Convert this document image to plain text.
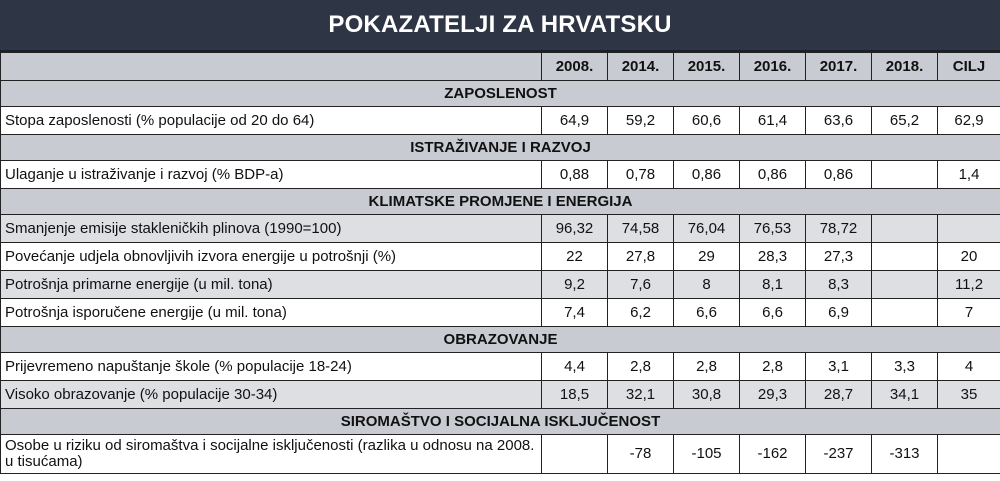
POKAZATELJI ZA HRVATSKU
	2008.	2014.	2015.	2016.	2017.	2018.	CILJ
ZAPOSLENOST							
Stopa zaposlenosti (% populacije od 20 do 64)	64,9	59,2	60,6	61,4	63,6	65,2	62,9
ISTRAŽIVANJE I RAZVOJ							
Ulaganje u istraživanje i razvoj (% BDP-a)	0,88	0,78	0,86	0,86	0,86		1,4
KLIMATSKE PROMJENE I ENERGIJA							
Smanjenje emisije stakleničkih plinova (1990=100)	96,32	74,58	76,04	76,53	78,72		
Povećanje udjela obnovljivih izvora energije u potrošnji (%)	22	27,8	29	28,3	27,3		20
Potrošnja primarne energije (u mil. tona)	9,2	7,6	8	8,1	8,3		11,2
Potrošnja isporučene energije (u mil. tona)	7,4	6,2	6,6	6,6	6,9		7
OBRAZOVANJE							
Prijevremeno napuštanje škole (% populacije 18-24)	4,4	2,8	2,8	2,8	3,1	3,3	4
Visoko obrazovanje (% populacije 30-34)	18,5	32,1	30,8	29,3	28,7	34,1	35
SIROMAŠTVO I SOCIJALNA ISKLJUČENOST							
Osobe u riziku od siromaštva i socijalne isključenosti (razlika u odnosu na 2008. u tisućama)		-78	-105	-162	-237	-313	
